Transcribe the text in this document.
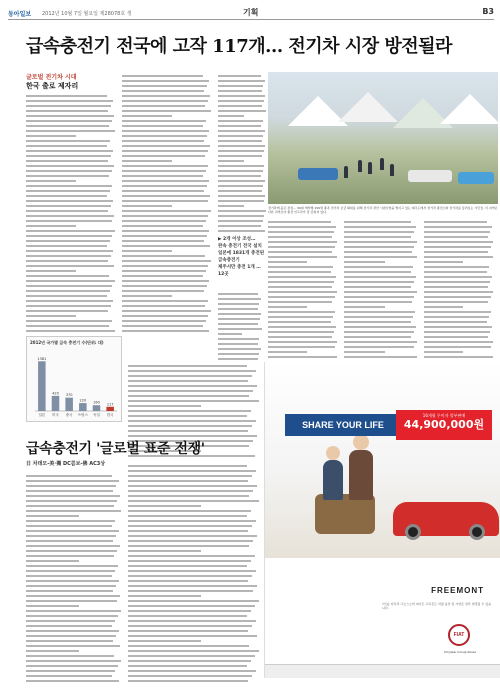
동아일보 2012년 10월 7일 월요일 제28078호 생	기획	B3
급속충전기 전국에 고작 117개… 전기차 시장 방전될라
글로벌 전기차 시대
한국 출로 제자리
전기차에 붙은 관심… 30대 계약해 150명 충족 전기차 보급 확대를 위해 전기차 관련 시범사업을 벌이고 있는 제주도에서 전기차 충전소와 전기차를 둘러보는 시민들. 이 지역은 다른 지역보다 충전 인프라가 잘 갖춰져 있다.
▶ 2개 이상 조성…
완속 충전기 전국 설치
일본에 1831개 충전된 급속충전기
제주서만 충전 1개 …12곳
2012년 국가별 급속 충전기 수(단위: 대)
1381
일본
420
미국
370
중국
220
프랑스
160
독일
117
한국
급속충전기 '글로벌 표준 전쟁'
日 차데모-美·獨 DC콤보-佛 AC3상
SHARE YOUR LIFE
16개월 무이자 할부판매
44,900,000원
FREEMONT
7인승 다목적 크로스오버 피아트 프리몬트 차량 옵션 및 사양은 일부 변경될 수 있습니다.
FIAT
Chrysler Group Korea
